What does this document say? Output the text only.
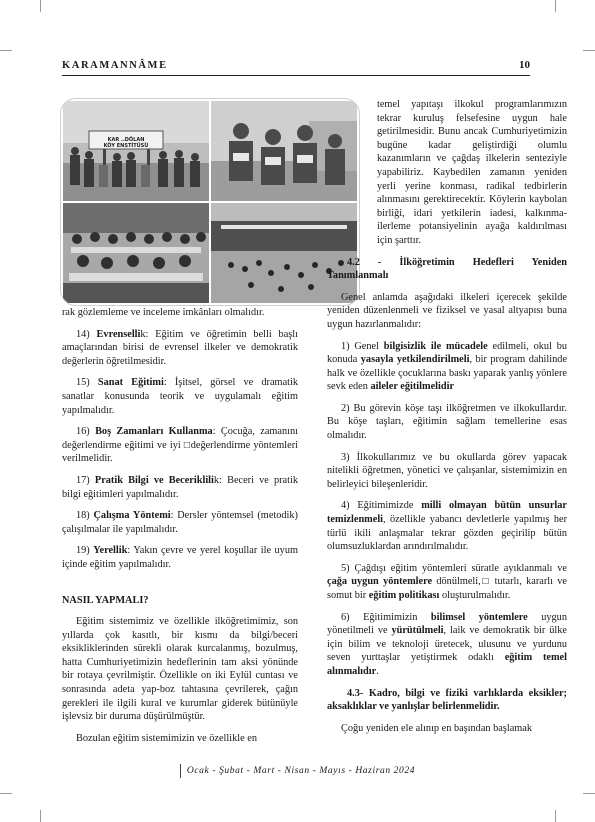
KARAMANNÂME	10
KAR ..DÖLAN
KÖY ENSTİTÜSÜ

rak gözlemleme ve inceleme imkânları olmalıdır.

14) Evrensellik: Eğitim ve öğretimin belli başlı amaçlarından birisi de evrensel ilkeler ve demokratik değerlerin öğretilmesidir.

15) Sanat Eğitimi: İşitsel, görsel ve dramatik sanatlar konusunda teorik ve uygulamalı eğitim yapılmalıdır.

16) Boş Zamanları Kullanma: Çocuğa, zamanını değerlendirme eğitimi ve iyi □değerlendirme yöntemleri verilmelidir.

17) Pratik Bilgi ve Beceriklilik: Beceri ve pratik bilgi eğitimleri yapılmalıdır.

18) Çalışma Yöntemi: Dersler yöntemsel (metodik) çalışılmalar ile yapılmalıdır.

19) Yerellik: Yakın çevre ve yerel koşullar ile uyum içinde eğitim yapılmalıdır.

NASIL YAPMALI?

Eğitim sistemimiz ve özellikle ilköğretimimiz, son yıllarda çok kasıtlı, bir kısmı da bilgi/beceri eksikliklerinden sürekli olarak kurcalanmış, bozulmuş, hatta Cumhuriyetimizin hedeflerinin tam aksi yönünde bir rotaya çevrilmiştir. Özellikle on iki Eylül cuntası ve sonrasında adeta yap-boz tahtasına çevrilerek, çağın gerekleri ile ilgili kural ve kurumlar giderek bütünüyle işlevsiz bir duruma düşürülmüştür.

Bozulan eğitim sistemimizin ve özellikle en

temel yapıtaşı ilkokul programlarımızın tekrar kuruluş felsefesine uygun hale getirilmesidir. Bunu ancak Cumhuriyetimizin bugüne kadar geliştirdiği olumlu kazanımların ve çağdaş ilkelerin senteziyle yapabiliriz. Kaybedilen zamanın yeniden yerli yerine konması, radikal tedbirlerin alınmasını gerektirecektir. Köylerin kaybolan birliği, idari yetkilerin iadesi, kalkınma- ilerleme potansiyelinin ayağa kaldırılması için şarttır.

4.2 - İlköğretimin Hedefleri Yeniden Tanımlanmalı

Genel anlamda aşağıdaki ilkeleri içerecek şekilde yeniden düzenlenmeli ve fiziksel ve yasal altyapısı buna uygun hazırlanmalıdır:

1) Genel bilgisizlik ile mücadele edilmeli, okul bu konuda yasayla yetkilendirilmeli, bir program dahilinde halk ve özellikle çocuklarına baskı yaparak yanlış yönlere sevk eden aileler eğitilmelidir

2) Bu görevin köşe taşı ilköğretmen ve ilkokullardır. Bu köşe taşları, eğitimin sağlam temellerine esas olmalıdır.

3) İlkokullarımız ve bu okullarda görev yapacak nitelikli öğretmen, yönetici ve çalışanlar, sistemimizin en belirleyici bileşenleridir.

4) Eğitimimizde milli olmayan bütün unsurlar temizlenmeli, özellikle yabancı devletlerle yapılmış her türlü ikili anlaşmalar tekrar gözden geçirilip bütün olumsuzluklardan arındırılmalıdır.

5) Çağdışı eğitim yöntemleri süratle ayıklanmalı ve çağa uygun yöntemlere dönülmeli,□ tutarlı, kararlı ve somut bir eğitim politikası oluşturulmalıdır.

6) Eğitimimizin bilimsel yöntemlere uygun yönetilmeli ve yürütülmeli, laik ve demokratik bir ülke için bilim ve teknoloji üretecek, ulusunu ve yurdunu seven yurttaşlar yetiştirmek odaklı eğitim temel alınmalıdır.

4.3- Kadro, bilgi ve fiziki varlıklarda eksikler; aksaklıklar ve yanlışlar belirlenmelidir.

Çoğu yeniden ele alınıp en başından başlamak

Ocak - Şubat - Mart - Nisan - Mayıs - Haziran 2024
